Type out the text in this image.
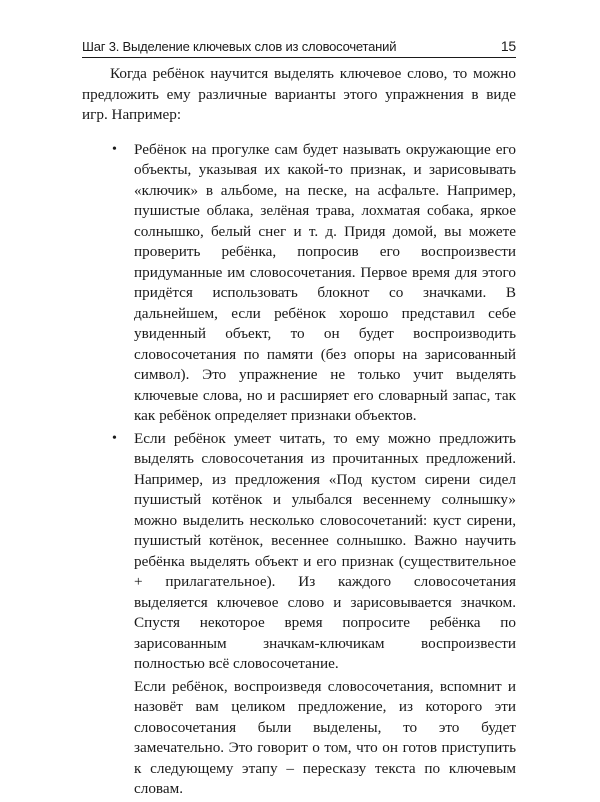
Шаг 3. Выделение ключевых слов из словосочетаний	15

Когда ребёнок научится выделять ключевое слово, то можно предложить ему различные варианты этого упражнения в виде игр. Например:

• Ребёнок на прогулке сам будет называть окружающие его объекты, указывая их какой-то признак, и зарисовывать «ключик» в альбоме, на песке, на асфальте. Например, пушистые облака, зелёная трава, лохматая собака, яркое солнышко, белый снег и т. д. Придя домой, вы можете проверить ребёнка, попросив его воспроизвести придуманные им словосочетания. Первое время для этого придётся использовать блокнот со значками. В дальнейшем, если ребёнок хорошо представил себе увиденный объект, то он будет воспроизводить словосочетания по памяти (без опоры на зарисованный символ). Это упражнение не только учит выделять ключевые слова, но и расширяет его словарный запас, так как ребёнок определяет признаки объектов.

• Если ребёнок умеет читать, то ему можно предложить выделять словосочетания из прочитанных предложений. Например, из предложения «Под кустом сирени сидел пушистый котёнок и улыбался весеннему солнышку» можно выделить несколько словосочетаний: куст сирени, пушистый котёнок, весеннее солнышко. Важно научить ребёнка выделять объект и его признак (существительное + прилагательное). Из каждого словосочетания выделяется ключевое слово и зарисовывается значком. Спустя некоторое время попросите ребёнка по зарисованным значкам-ключикам воспроизвести полностью всё словосочетание.

Если ребёнок, воспроизведя словосочетания, вспомнит и назовёт вам целиком предложение, из которого эти словосочетания были выделены, то это будет замечательно. Это говорит о том, что он готов приступить к следующему этапу – пересказу текста по ключевым словам.
